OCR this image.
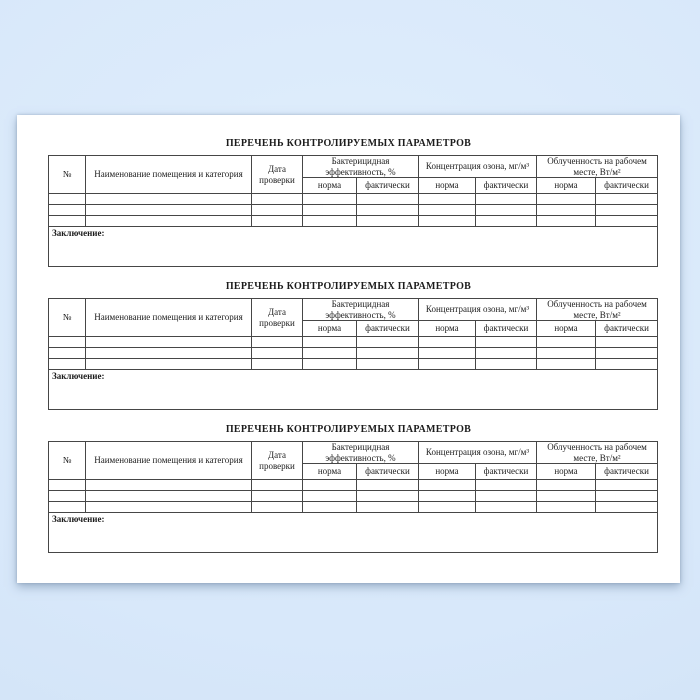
ПЕРЕЧЕНЬ КОНТРОЛИРУЕМЫХ ПАРАМЕТРОВ
№	Наименование помещения и категория	Дата проверки	Бактерицидная эффективность, %		Концентрация озона, мг/м³		Облученность на рабочем месте, Вт/м²	
			норма	фактически	норма	фактически	норма	фактически

Заключение:								
ПЕРЕЧЕНЬ КОНТРОЛИРУЕМЫХ ПАРАМЕТРОВ
№	Наименование помещения и категория	Дата проверки	Бактерицидная эффективность, %		Концентрация озона, мг/м³		Облученность на рабочем месте, Вт/м²	
			норма	фактически	норма	фактически	норма	фактически

Заключение:								
ПЕРЕЧЕНЬ КОНТРОЛИРУЕМЫХ ПАРАМЕТРОВ
№	Наименование помещения и категория	Дата проверки	Бактерицидная эффективность, %		Концентрация озона, мг/м³		Облученность на рабочем месте, Вт/м²	
			норма	фактически	норма	фактически	норма	фактически

Заключение:								
